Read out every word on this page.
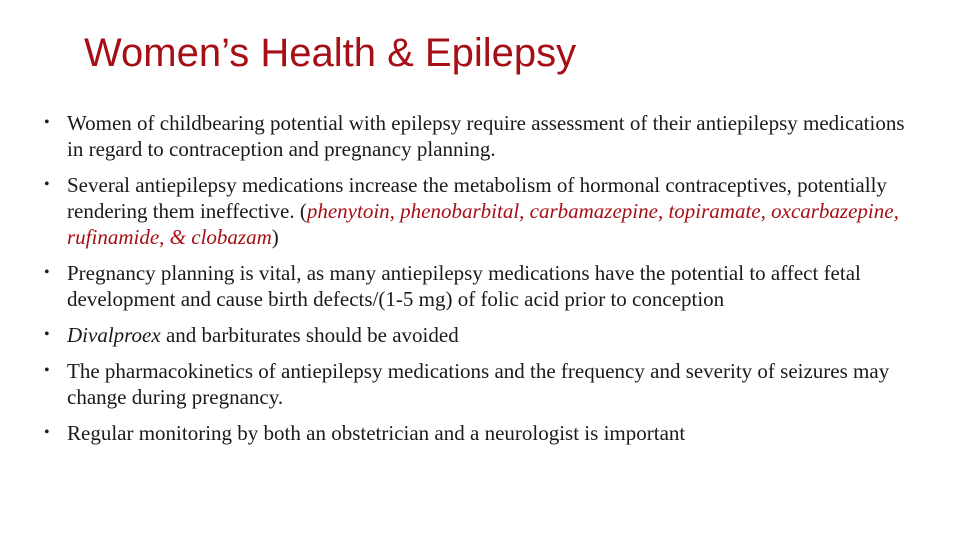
Women’s Health & Epilepsy
• Women of childbearing potential with epilepsy require assessment of their antiepilepsy medications in regard to contraception and pregnancy planning.
• Several antiepilepsy medications increase the metabolism of hormonal contraceptives, potentially rendering them ineffective. (phenytoin, phenobarbital, carbamazepine, topiramate, oxcarbazepine, rufinamide, & clobazam)
• Pregnancy planning is vital, as many antiepilepsy medications have the potential to affect fetal development and cause birth defects/(1-5 mg) of folic acid prior to conception
• Divalproex and barbiturates should be avoided
• The pharmacokinetics of antiepilepsy medications and the frequency and severity of seizures may change during pregnancy.
• Regular monitoring by both an obstetrician and a neurologist is important
